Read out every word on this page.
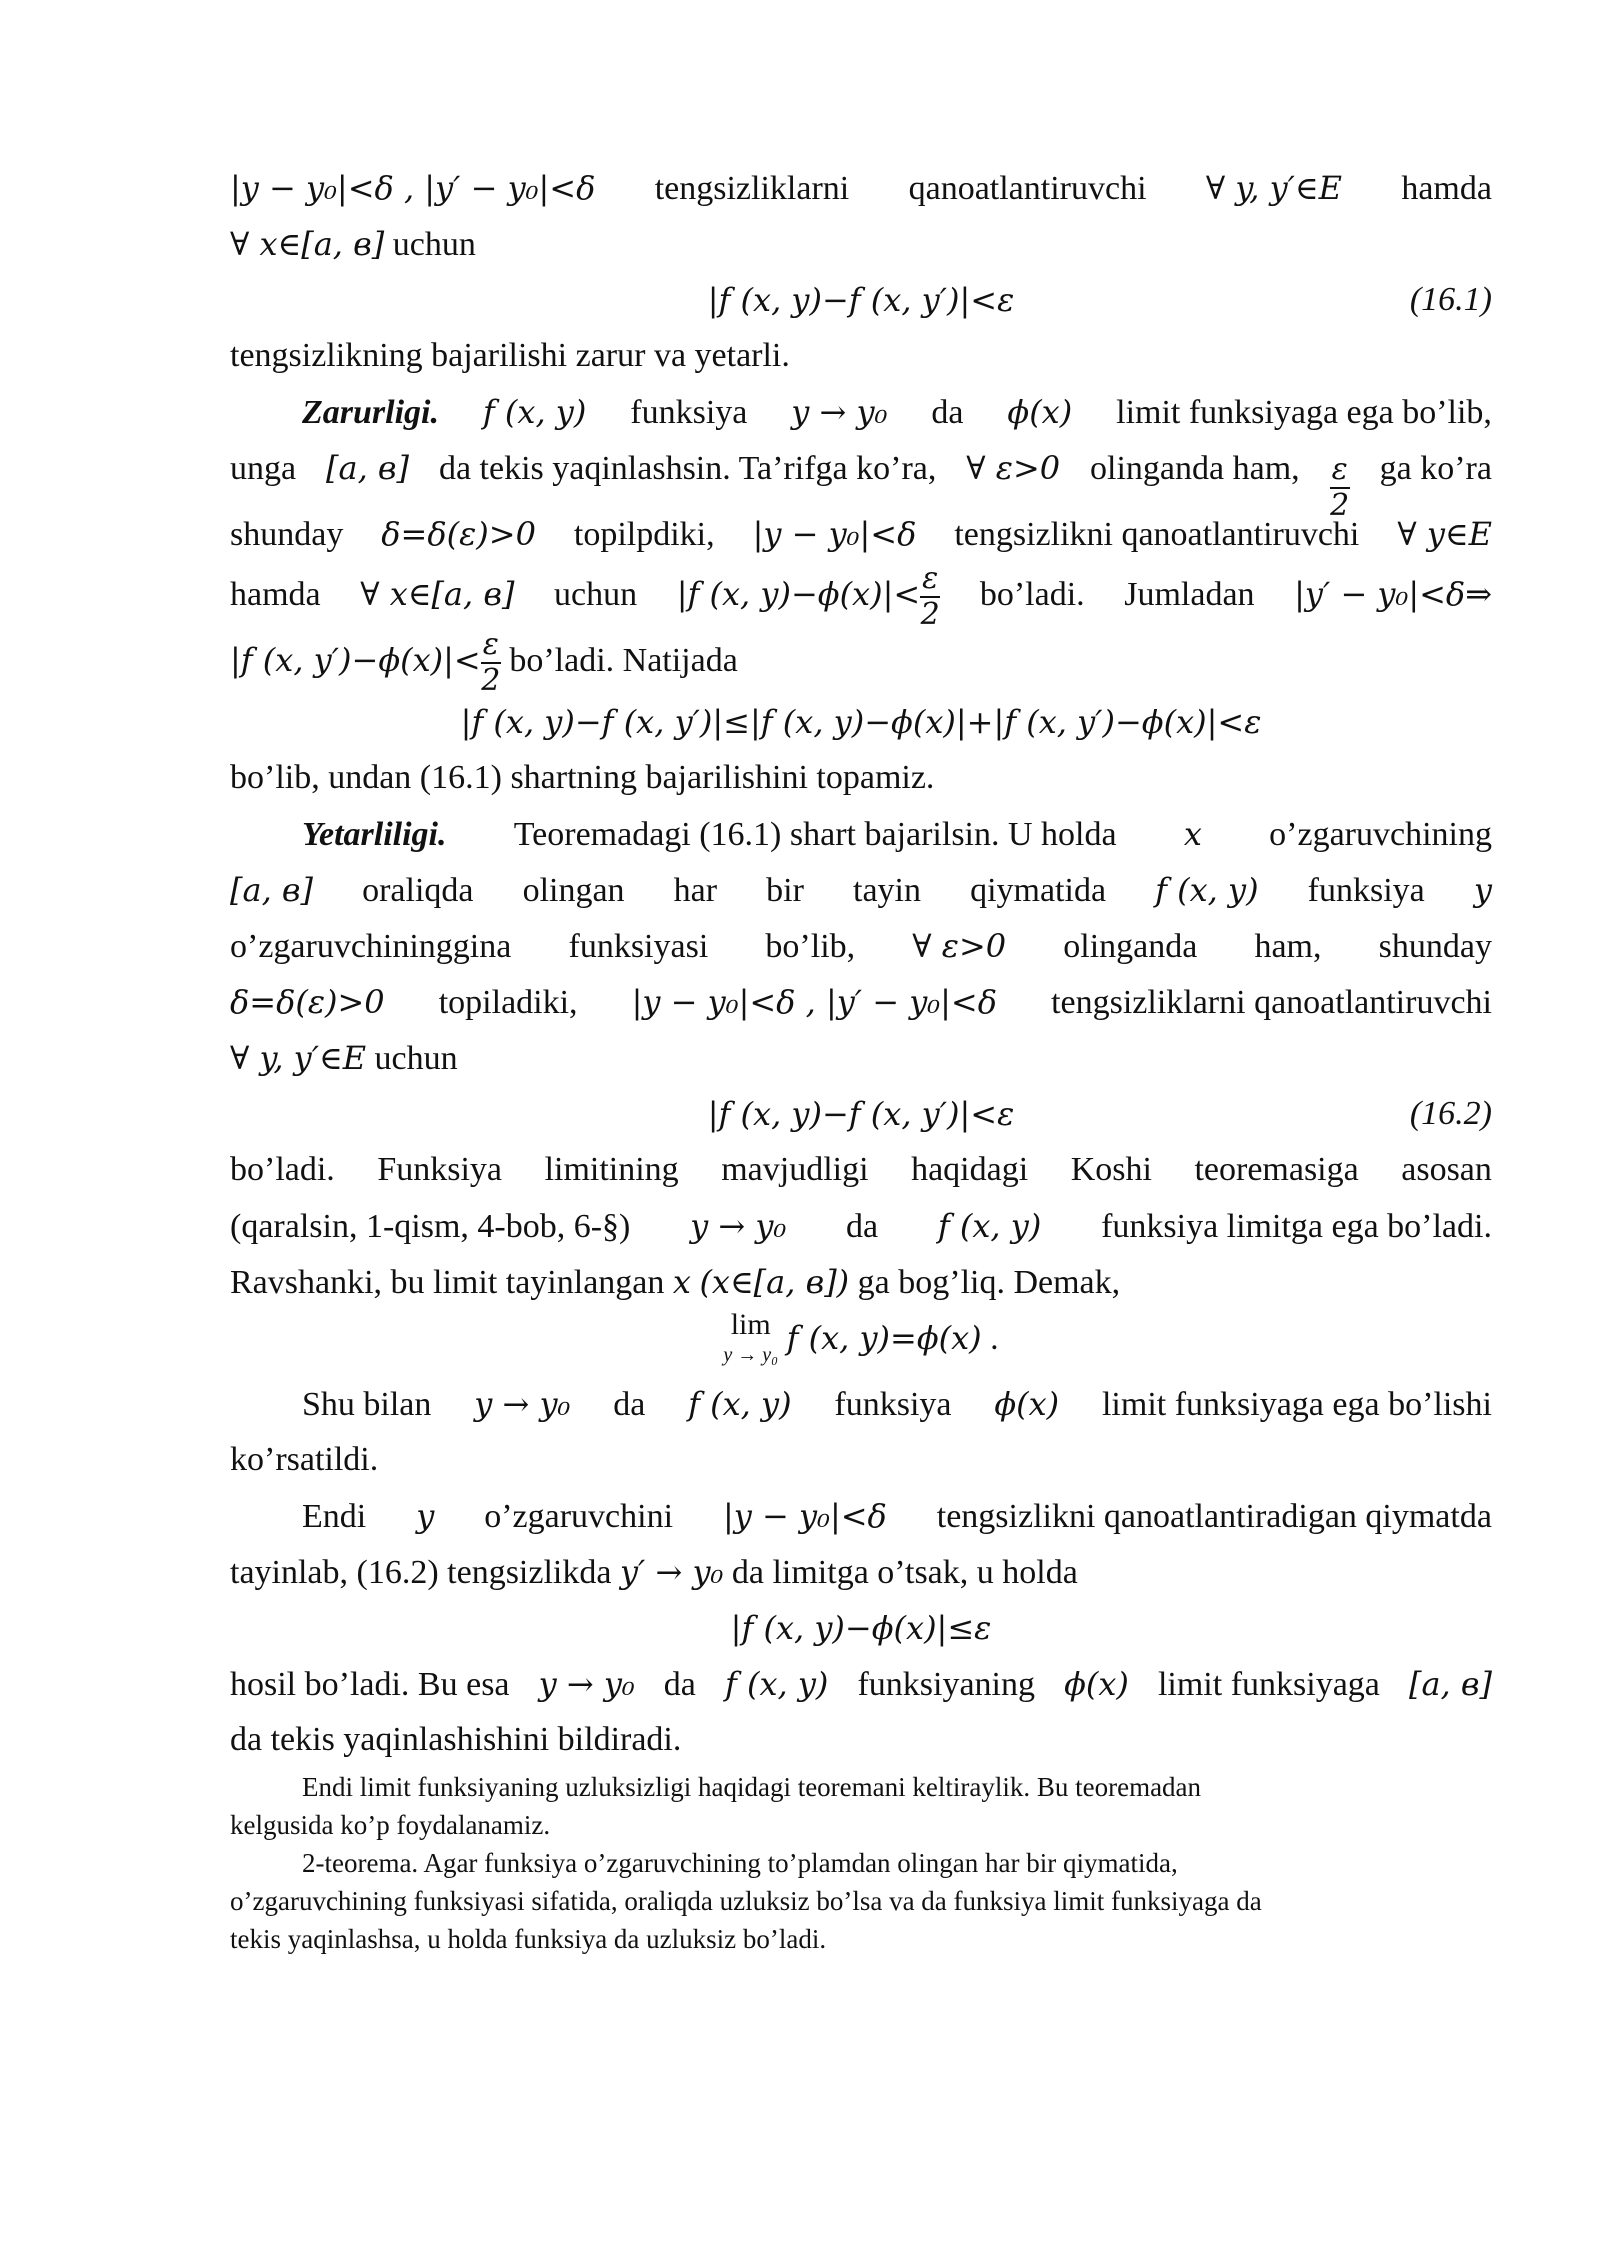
|y − y₀|<δ , |y′ − y₀|<δ tengsizliklarni qanoatlantiruvchi ∀ y, y′∈E hamda
∀ x∈[a, в] uchun
|f (x, y)−f (x, y′)|<ε	(16.1)
tengsizlikning bajarilishi zarur va yetarli.
Zarurligi. f (x, y) funksiya y → y₀ da ϕ(x) limit funksiyaga ega bo’lib,
unga [a, в] da tekis yaqinlashsin. Ta’rifga ko’ra, ∀ ε>0 olinganda ham, $\frac{\varepsilon}{2}$ ga ko’ra
shunday δ=δ(ε)>0 topilpdiki, |y − y₀|<δ tengsizlikni qanoatlantiruvchi ∀ y∈E
hamda ∀ x∈[a, в] uchun |f (x, $y)-\phi(x)|< \frac{\varepsilon}{2}$ bo’ladi. Jumladan |y′ − y₀|<δ⇒
|f (x, $y')-\phi(x)|< \frac{\varepsilon}{2}$ bo’ladi. Natijada
|f (x, y)−f (x, y′)|≤|f (x, y)−ϕ(x)|+|f (x, y′)−ϕ(x)|<ε
bo’lib, undan (16.1) shartning bajarilishini topamiz.
Yetarliligi. Teoremadagi (16.1) shart bajarilsin. U holda x o’zgaruvchining
[a, в] oraliqda olingan har bir tayin qiymatida f (x, y) funksiya y
o’zgaruvchininggina funksiyasi bo’lib, ∀ ε>0 olinganda ham, shunday
δ=δ(ε)>0 topiladiki, |y − y₀|<δ , |y′ − y₀|<δ tengsizliklarni qanoatlantiruvchi
∀ y, y′∈E uchun
|f (x, y)−f (x, y′)|<ε	(16.2)
bo’ladi. Funksiya limitining mavjudligi haqidagi Koshi teoremasiga asosan
(qaralsin, 1-qism, 4-bob, 6-§) y → y₀ da f (x, y) funksiya limitga ega bo’ladi.
Ravshanki, bu limit tayinlangan x (x∈[a, в]) ga bog’liq. Demak,
lim
y → y₀ f (x, y)=ϕ(x) .
Shu bilan y → y₀ da f (x, y) funksiya ϕ(x) limit funksiyaga ega bo’lishi
ko’rsatildi.
Endi y o’zgaruvchini |y − y₀|<δ tengsizlikni qanoatlantiradigan qiymatda
tayinlab, (16.2) tengsizlikda y′ → y₀ da limitga o’tsak, u holda
|f (x, y)−ϕ(x)|≤ε
hosil bo’ladi. Bu esa y → y₀ da f (x, y) funksiyaning ϕ(x) limit funksiyaga [a, в]
da tekis yaqinlashishini bildiradi.
Endi limit funksiyaning uzluksizligi haqidagi teoremani keltiraylik. Bu teoremadan
kelgusida ko’p foydalanamiz.
2-teorema. Agar funksiya o’zgaruvchining to’plamdan olingan har bir qiymatida,
o’zgaruvchining funksiyasi sifatida, oraliqda uzluksiz bo’lsa va da funksiya limit funksiyaga da
tekis yaqinlashsa, u holda funksiya da uzluksiz bo’ladi.
